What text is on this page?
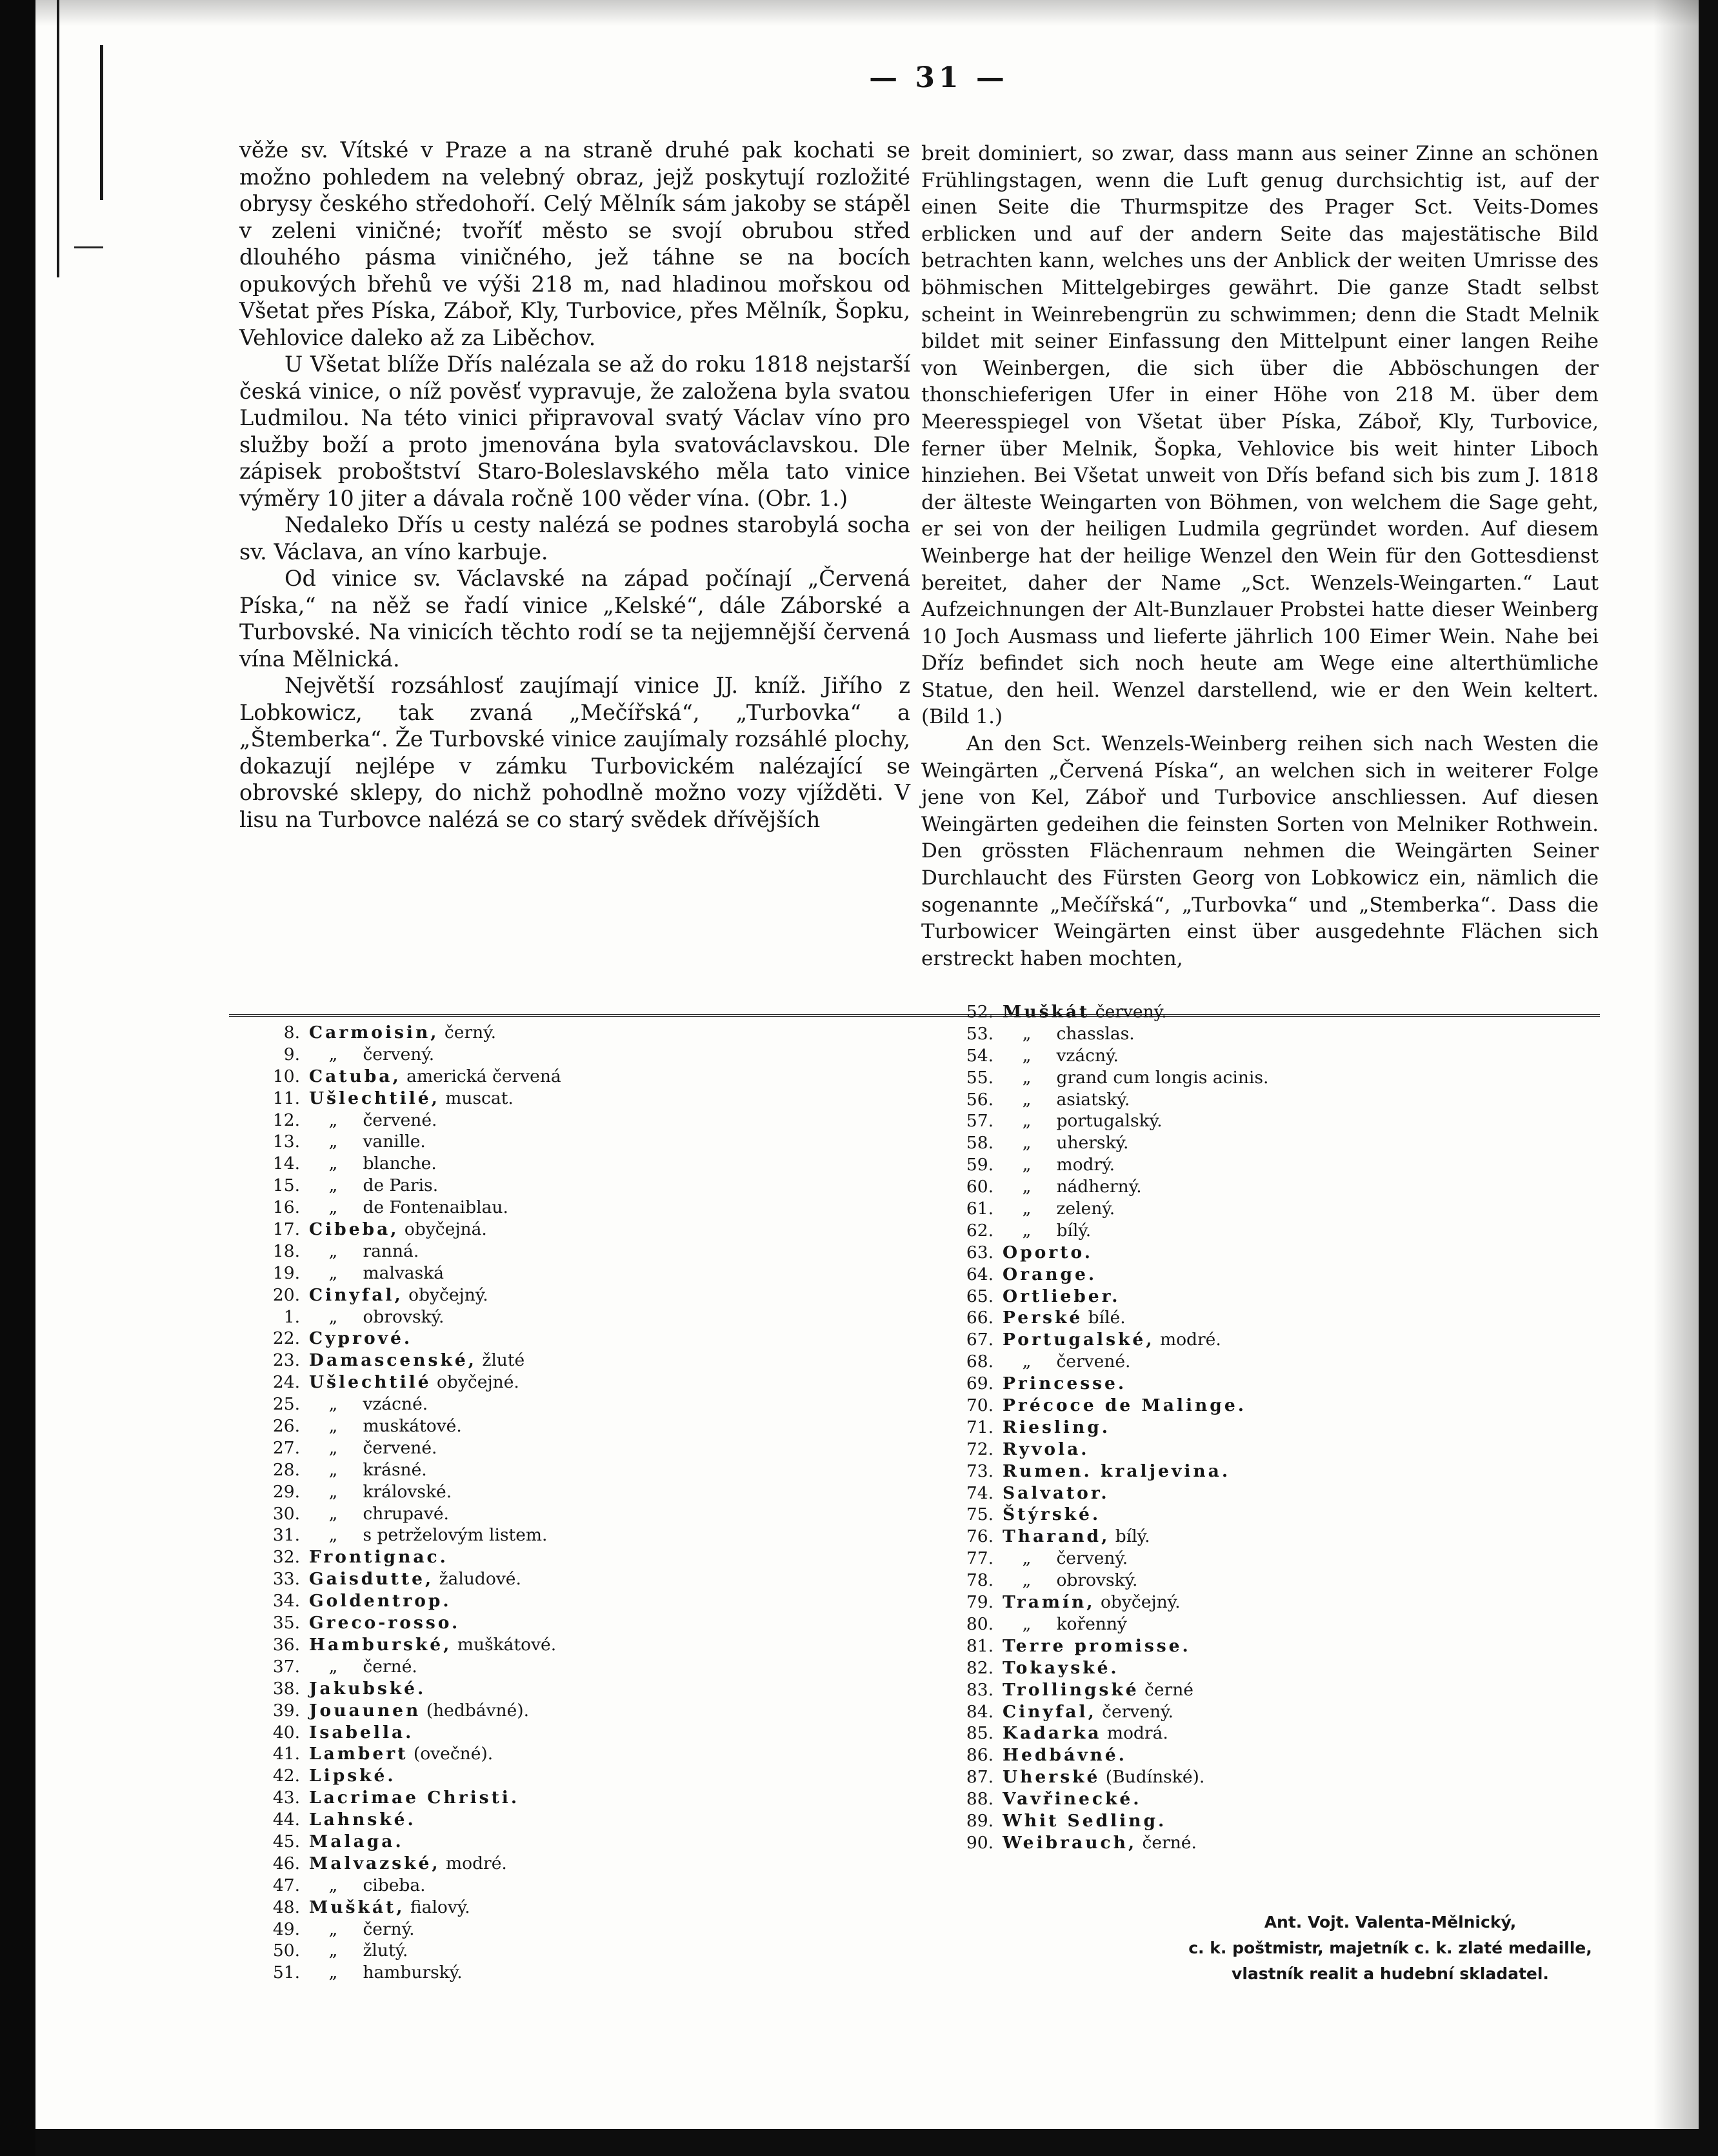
— 31 —

věže sv. Vítské v Praze a na straně druhé pak kochati se možno pohledem na velebný obraz, jejž poskytují rozložité obrysy českého středohoří. Celý Mělník sám jakoby se stápěl v zeleni viničné; tvoříť město se svojí obrubou střed dlouhého pásma viničného, jež táhne se na bocích opukových břehů ve výši 218 m, nad hladinou mořskou od Všetat přes Píska, Záboř, Kly, Turbovice, přes Mělník, Šopku, Vehlovice daleko až za Liběchov.

U Všetat blíže Dřís nalézala se až do roku 1818 nejstarší česká vinice, o níž pověsť vypravuje, že založena byla svatou Ludmilou. Na této vinici připravoval svatý Václav víno pro služby boží a proto jmenována byla svatováclavskou. Dle zápisek proboštství Staro-Boleslavského měla tato vinice výměry 10 jiter a dávala ročně 100 věder vína. (Obr. 1.)

Nedaleko Dřís u cesty nalézá se podnes starobylá socha sv. Václava, an víno karbuje.

Od vinice sv. Václavské na západ počínají „Červená Píska,“ na něž se řadí vinice „Kelské“, dále Záborské a Turbovské. Na vinicích těchto rodí se ta nejjemnější červená vína Mělnická.

Největší rozsáhlosť zaujímají vinice JJ. kníž. Jiřího z Lobkowicz, tak zvaná „Mečířská“, „Turbovka“ a „Štemberka“. Že Turbovské vinice zaujímaly rozsáhlé plochy, dokazují nejlépe v zámku Turbovickém nalézající se obrovské sklepy, do nichž pohodlně možno vozy vjížděti. V lisu na Turbovce nalézá se co starý svědek dřívějších

breit dominiert, so zwar, dass mann aus seiner Zinne an schönen Frühlingstagen, wenn die Luft genug durchsichtig ist, auf der einen Seite die Thurmspitze des Prager Sct. Veits-Domes erblicken und auf der andern Seite das majestätische Bild betrachten kann, welches uns der Anblick der weiten Umrisse des böhmischen Mittelgebirges gewährt. Die ganze Stadt selbst scheint in Weinrebengrün zu schwimmen; denn die Stadt Melnik bildet mit seiner Einfassung den Mittelpunt einer langen Reihe von Weinbergen, die sich über die Abböschungen der thonschieferigen Ufer in einer Höhe von 218 M. über dem Meeresspiegel von Všetat über Píska, Záboř, Kly, Turbovice, ferner über Melnik, Šopka, Vehlovice bis weit hinter Liboch hinziehen. Bei Všetat unweit von Dřís befand sich bis zum J. 1818 der älteste Weingarten von Böhmen, von welchem die Sage geht, er sei von der heiligen Ludmila gegründet worden. Auf diesem Weinberge hat der heilige Wenzel den Wein für den Gottesdienst bereitet, daher der Name „Sct. Wenzels-Weingarten.“ Laut Aufzeichnungen der Alt-Bunzlauer Probstei hatte dieser Weinberg 10 Joch Ausmass und lieferte jährlich 100 Eimer Wein. Nahe bei Dříz befindet sich noch heute am Wege eine alterthümliche Statue, den heil. Wenzel darstellend, wie er den Wein keltert. (Bild 1.)

An den Sct. Wenzels-Weinberg reihen sich nach Westen die Weingärten „Červená Píska“, an welchen sich in weiterer Folge jene von Kel, Záboř und Turbovice anschliessen. Auf diesen Weingärten gedeihen die feinsten Sorten von Melniker Rothwein. Den grössten Flächenraum nehmen die Weingärten Seiner Durchlaucht des Fürsten Georg von Lobkowicz ein, nämlich die sogenannte „Mečířská“, „Turbovka“ und „Stemberka“. Dass die Turbowicer Weingärten einst über ausgedehnte Flächen sich erstreckt haben mochten,

8. Carmoisin, černý.
9. „ červený.
10. Catuba, americká červená
11. Ušlechtilé, muscat.
12. „ červené.
13. „ vanille.
14. „ blanche.
15. „ de Paris.
16. „ de Fontenaiblau.
17. Cibeba, obyčejná.
18. „ ranná.
19. „ malvaská
20. Cinyfal, obyčejný.
1. „ obrovský.
22. Cyprové.
23. Damascenské, žluté
24. Ušlechtilé obyčejné.
25. „ vzácné.
26. „ muskátové.
27. „ červené.
28. „ krásné.
29. „ královské.
30. „ chrupavé.
31. „ s petrželovým listem.
32. Frontignac.
33. Gaisdutte, žaludové.
34. Goldentrop.
35. Greco-rosso.
36. Hamburské, muškátové.
37. „ černé.
38. Jakubské.
39. Jouaunen (hedbávné).
40. Isabella.
41. Lambert (ovečné).
42. Lipské.
43. Lacrimae Christi.
44. Lahnské.
45. Malaga.
46. Malvazské, modré.
47. „ cibeba.
48. Muškát, fialový.
49. „ černý.
50. „ žlutý.
51. „ hamburský.
52. Muškát červený.
53. „ chasslas.
54. „ vzácný.
55. „ grand cum longis acinis.
56. „ asiatský.
57. „ portugalský.
58. „ uherský.
59. „ modrý.
60. „ nádherný.
61. „ zelený.
62. „ bílý.
63. Oporto.
64. Orange.
65. Ortlieber.
66. Perské bílé.
67. Portugalské, modré.
68. „ červené.
69. Princesse.
70. Précoce de Malinge.
71. Riesling.
72. Ryvola.
73. Rumen. kraljevina.
74. Salvator.
75. Štýrské.
76. Tharand, bílý.
77. „ červený.
78. „ obrovský.
79. Tramín, obyčejný.
80. „ kořenný
81. Terre promisse.
82. Tokayské.
83. Trollingské černé
84. Cinyfal, červený.
85. Kadarka modrá.
86. Hedbávné.
87. Uherské (Budínské).
88. Vavřinecké.
89. Whit Sedling.
90. Weibrauch, černé.
Ant. Vojt. Valenta-Mělnický,
c. k. poštmistr, majetník c. k. zlaté medaille,
vlastník realit a hudební skladatel.
